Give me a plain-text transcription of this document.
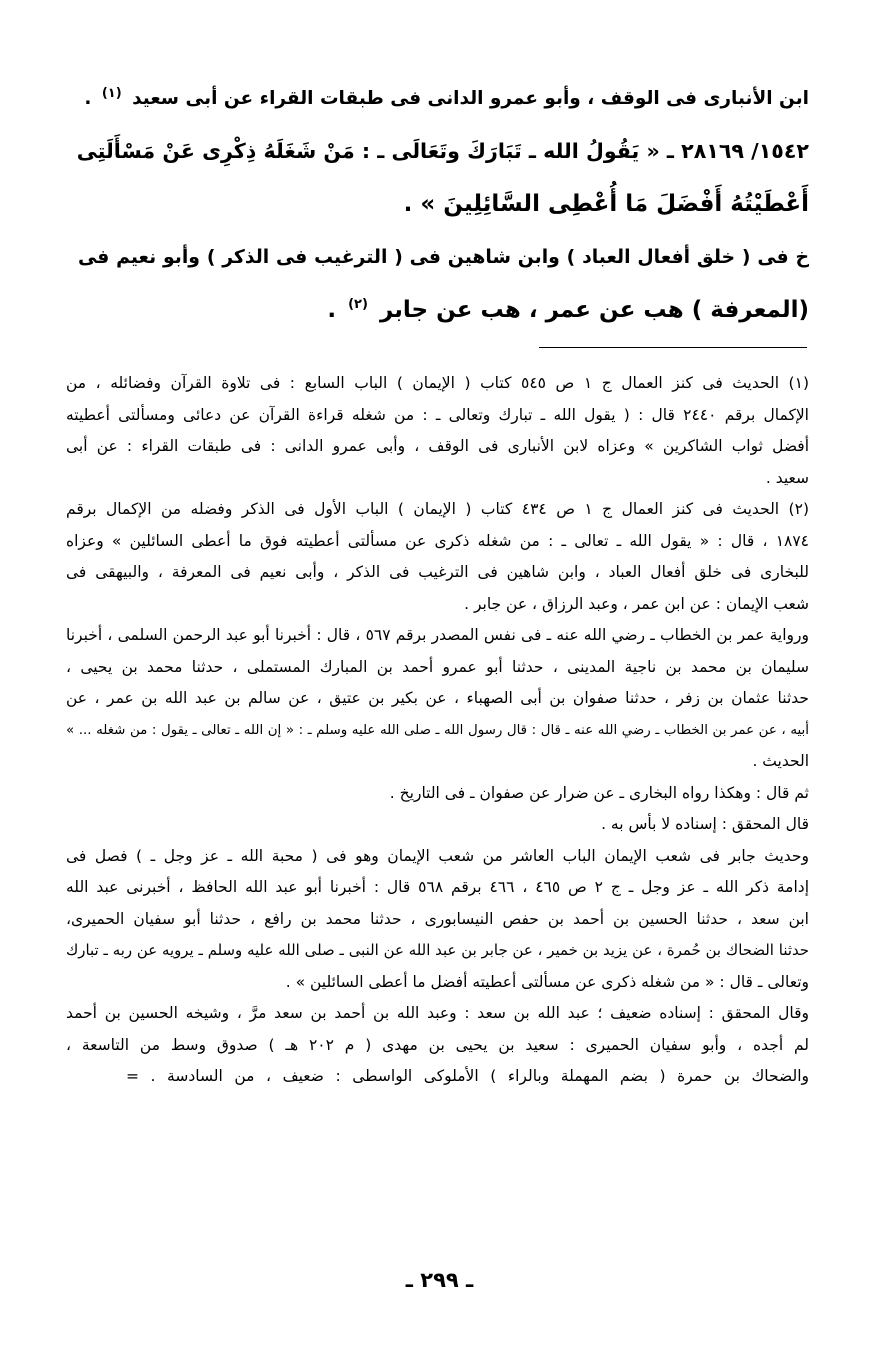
ابن الأنبارى فى الوقف ، وأبو عمرو الدانى فى طبقات القراء عن أبى سعيد $^{(١)}$ .
١٥٤٢/ ٢٨١٦٩ ـ « يَقُولُ الله ـ تَبَارَكَ وتَعَالَى ـ : مَنْ شَغَلَهُ ذِكْرِى عَنْ مَسْأَلَتِى
أَعْطَيْتُهُ أَفْضَلَ مَا أُعْطِى السَّائِلِينَ » .
خ فى ( خلق أفعال العباد ) وابن شاهين فى ( الترغيب فى الذكر ) وأبو نعيم فى
(المعرفة ) هب عن عمر ، هب عن جابر $^{(٢)}$ .
(١) الحديث فى كنز العمال ج ١ ص ٥٤٥ كتاب ( الإيمان ) الباب السابع : فى تلاوة القرآن وفضائله ، من
الإكمال برقم ٢٤٤٠ قال : ( يقول الله ـ تبارك وتعالى ـ : من شغله قراءة القرآن عن دعائى ومسألتى أعطيته
أفضل ثواب الشاكرين » وعزاه لابن الأنبارى فى الوقف ، وأبى عمرو الدانى : فى طبقات القراء : عن أبى
سعيد .
(٢) الحديث فى كنز العمال ج ١ ص ٤٣٤ كتاب ( الإيمان ) الباب الأول فى الذكر وفضله من الإكمال برقم
١٨٧٤ ، قال : « يقول الله ـ تعالى ـ : من شغله ذكرى عن مسألتى أعطيته فوق ما أعطى السائلين » وعزاه
للبخارى فى خلق أفعال العباد ، وابن شاهين فى الترغيب فى الذكر ، وأبى نعيم فى المعرفة ، والبيهقى فى
شعب الإيمان : عن ابن عمر ، وعبد الرزاق ، عن جابر .
ورواية عمر بن الخطاب ـ رضي الله عنه ـ فى نفس المصدر برقم ٥٦٧ ، قال : أخبرنا أبو عبد الرحمن السلمى ، أخبرنا
سليمان بن محمد بن ناجية المدينى ، حدثنا أبو عمرو أحمد بن المبارك المستملى ، حدثنا محمد بن يحيى ،
حدثنا عثمان بن زفر ، حدثنا صفوان بن أبى الصهباء ، عن بكير بن عتيق ، عن سالم بن عبد الله بن عمر ، عن
أبيه ، عن عمر بن الخطاب ـ رضي الله عنه ـ قال : قال رسول الله ـ صلى الله عليه وسلم ـ : « إن الله ـ تعالى ـ يقول : من شغله ... »
الحديث .
ثم قال : وهكذا رواه البخارى ـ عن ضرار عن صفوان ـ فى التاريخ .
قال المحقق : إسناده لا بأس به .
وحديث جابر فى شعب الإيمان الباب العاشر من شعب الإيمان وهو فى ( محبة الله ـ عز وجل ـ ) فصل فى
إدامة ذكر الله ـ عز وجل ـ ج ٢ ص ٤٦٥ ، ٤٦٦ برقم ٥٦٨ قال : أخبرنا أبو عبد الله الحافظ ، أخبرنى عبد الله
ابن سعد ، حدثنا الحسين بن أحمد بن حفص النيسابورى ، حدثنا محمد بن رافع ، حدثنا أبو سفيان الحميرى،
حدثنا الضحاك بن حُمرة ، عن يزيد بن خمير ، عن جابر بن عبد الله عن النبى ـ صلى الله عليه وسلم ـ يرويه عن ربه ـ تبارك
وتعالى ـ قال : « من شغله ذكرى عن مسألتى أعطيته أفضل ما أعطى السائلين » .
وقال المحقق : إسناده ضعيف ؛ عبد الله بن سعد : وعبد الله بن أحمد بن سعد مرَّ ، وشيخه الحسين بن أحمد
لم أجده ، وأبو سفيان الحميرى : سعيد بن يحيى بن مهدى ( م ٢٠٢ هـ ) صدوق وسط من التاسعة ،
والضحاك بن حمرة ( بضم المهملة وبالراء ) الأملوكى الواسطى : ضعيف ، من السادسة . =
ـ ٢٩٩ ـ
